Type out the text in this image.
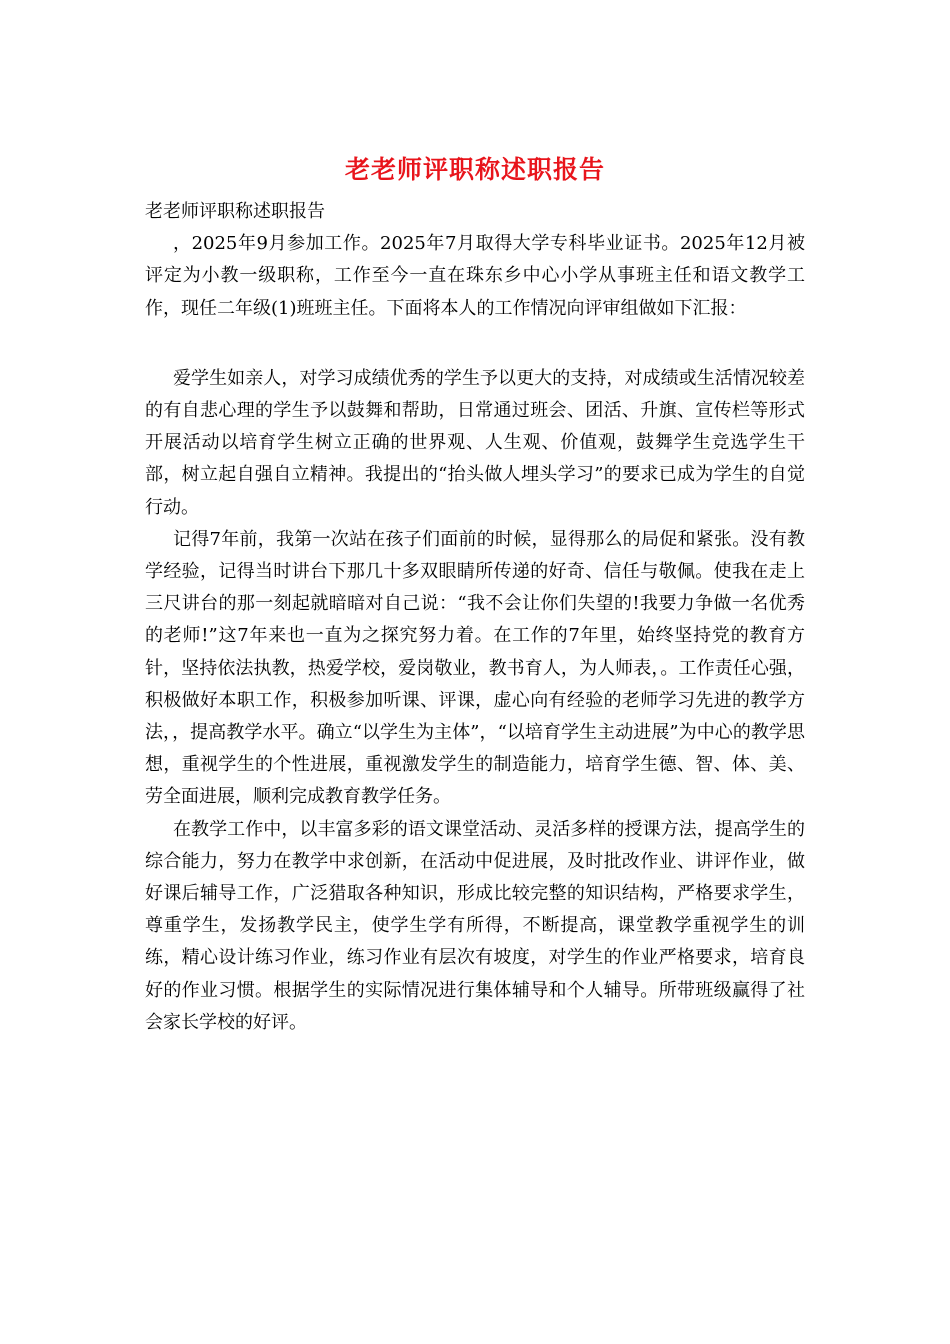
老老师评职称述职报告

老老师评职称述职报告

，2025年9月参加工作。2025年7月取得大学专科毕业证书。2025年12月被评定为小教一级职称，工作至今一直在珠东乡中心小学从事班主任和语文教学工作，现任二年级(1)班班主任。下面将本人的工作情况向评审组做如下汇报：

爱学生如亲人，对学习成绩优秀的学生予以更大的支持，对成绩或生活情况较差的有自悲心理的学生予以鼓舞和帮助，日常通过班会、团活、升旗、宣传栏等形式开展活动以培育学生树立正确的世界观、人生观、价值观，鼓舞学生竞选学生干部，树立起自强自立精神。我提出的“抬头做人埋头学习”的要求已成为学生的自觉行动。

记得7年前，我第一次站在孩子们面前的时候，显得那么的局促和紧张。没有教学经验，记得当时讲台下那几十多双眼睛所传递的好奇、信任与敬佩。使我在走上三尺讲台的那一刻起就暗暗对自己说：“我不会让你们失望的!我要力争做一名优秀的老师!”这7年来也一直为之探究努力着。在工作的7年里，始终坚持党的教育方针，坚持依法执教，热爱学校，爱岗敬业，教书育人，为人师表，。工作责任心强，积极做好本职工作，积极参加听课、评课，虚心向有经验的老师学习先进的教学方法，，提高教学水平。确立“以学生为主体”，“以培育学生主动进展”为中心的教学思想，重视学生的个性进展，重视激发学生的制造能力，培育学生德、智、体、美、劳全面进展，顺利完成教育教学任务。

在教学工作中，以丰富多彩的语文课堂活动、灵活多样的授课方法，提高学生的综合能力，努力在教学中求创新，在活动中促进展，及时批改作业、讲评作业，做好课后辅导工作，广泛猎取各种知识，形成比较完整的知识结构，严格要求学生，尊重学生，发扬教学民主，使学生学有所得，不断提高，课堂教学重视学生的训练，精心设计练习作业，练习作业有层次有坡度，对学生的作业严格要求，培育良好的作业习惯。根据学生的实际情况进行集体辅导和个人辅导。所带班级赢得了社会家长学校的好评。
